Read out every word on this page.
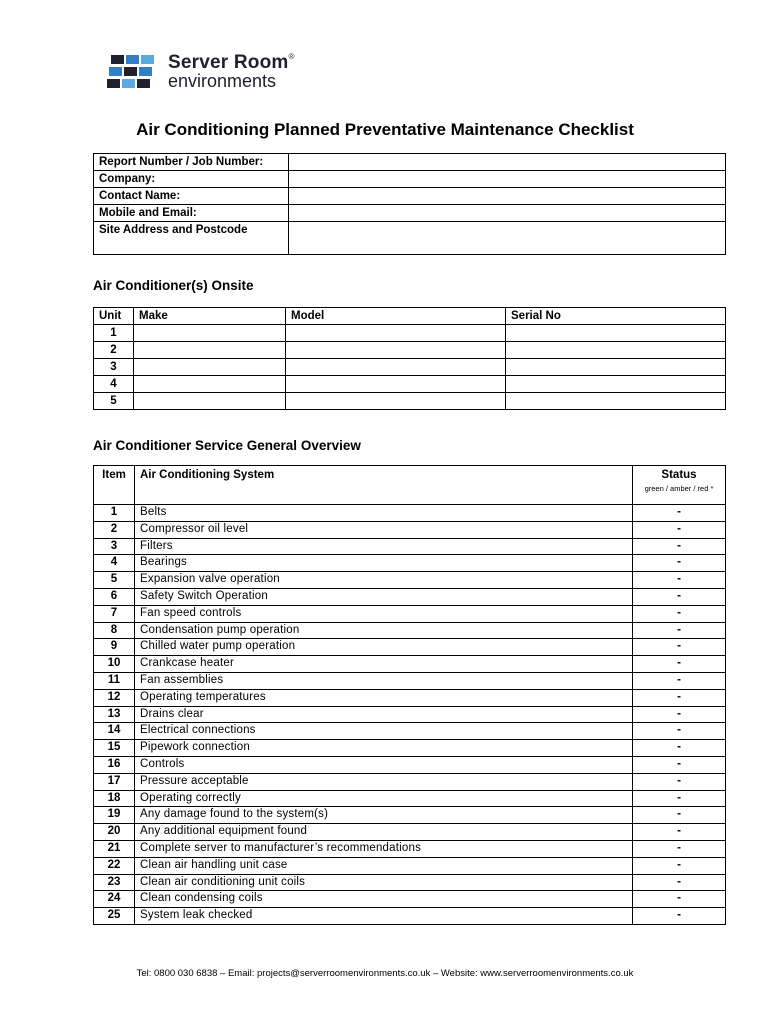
Server Room®
environments
Air Conditioning Planned Preventative Maintenance Checklist
Report Number / Job Number:	
Company:	
Contact Name:	
Mobile and Email:	
Site Address and Postcode	
Air Conditioner(s) Onsite
Unit	Make	Model	Serial No
1			
2			
3			
4			
5			
Air Conditioner Service General Overview
Item	Air Conditioning System	Status
green / amber / red *

1	Belts	-
2	Compressor oil level	-
3	Filters	-
4	Bearings	-
5	Expansion valve operation	-
6	Safety Switch Operation	-
7	Fan speed controls	-
8	Condensation pump operation	-
9	Chilled water pump operation	-
10	Crankcase heater	-
11	Fan assemblies	-
12	Operating temperatures	-
13	Drains clear	-
14	Electrical connections	-
15	Pipework connection	-
16	Controls	-
17	Pressure acceptable	-
18	Operating correctly	-
19	Any damage found to the system(s)	-
20	Any additional equipment found	-
21	Complete server to manufacturer’s recommendations	-
22	Clean air handling unit case	-
23	Clean air conditioning unit coils	-
24	Clean condensing coils	-
25	System leak checked	-
Tel: 0800 030 6838 – Email: projects@serverroomenvironments.co.uk – Website: www.serverroomenvironments.co.uk
